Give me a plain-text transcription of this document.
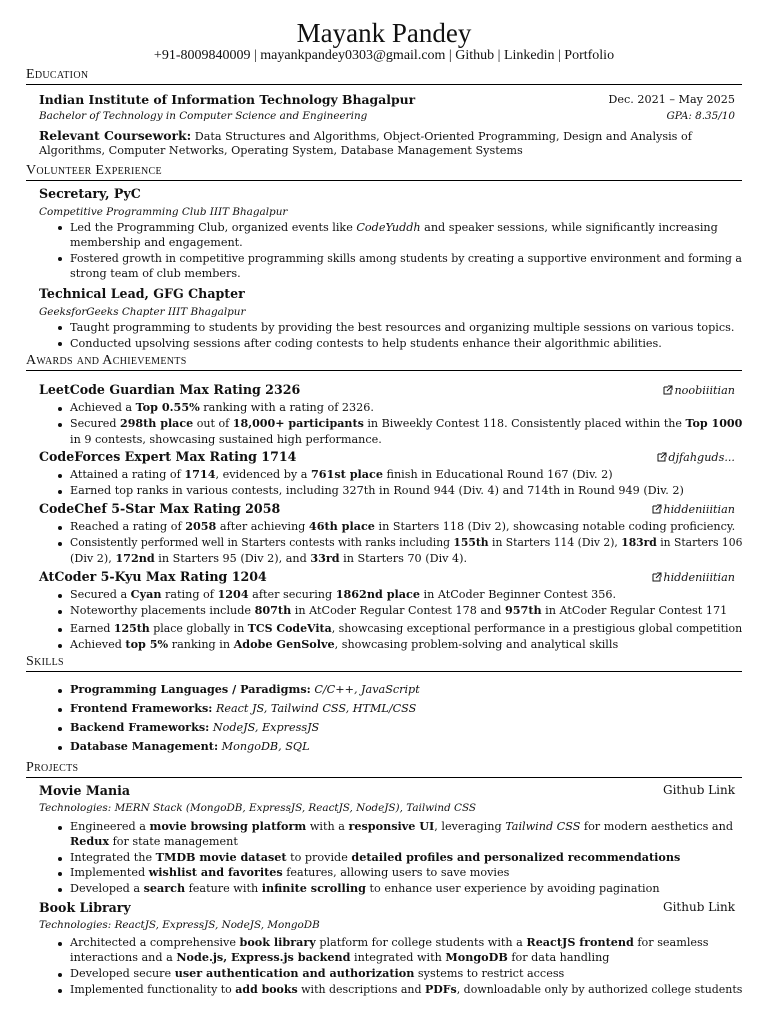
Mayank Pandey
+91-8009840009 | mayankpandey0303@gmail.com | Github | Linkedin | Portfolio
Education
Indian Institute of Information Technology Bhagalpur	Dec. 2021 – May 2025
Bachelor of Technology in Computer Science and Engineering	GPA: 8.35/10
Relevant Coursework: Data Structures and Algorithms, Object-Oriented Programming, Design and Analysis of
Algorithms, Computer Networks, Operating System, Database Management Systems
Volunteer Experience
Secretary, PyC
Competitive Programming Club IIIT Bhagalpur
Led the Programming Club, organized events like CodeYuddh and speaker sessions, while significantly increasing
membership and engagement.
Fostered growth in competitive programming skills among students by creating a supportive environment and forming a
strong team of club members.
Technical Lead, GFG Chapter
GeeksforGeeks Chapter IIIT Bhagalpur
Taught programming to students by providing the best resources and organizing multiple sessions on various topics.
Conducted upsolving sessions after coding contests to help students enhance their algorithmic abilities.
Awards and Achievements
LeetCode Guardian Max Rating 2326	noobiiitian
Achieved a Top 0.55% ranking with a rating of 2326.
Secured 298th place out of 18,000+ participants in Biweekly Contest 118. Consistently placed within the Top 1000
in 9 contests, showcasing sustained high performance.
CodeForces Expert Max Rating 1714	djfahguds...
Attained a rating of 1714, evidenced by a 761st place finish in Educational Round 167 (Div. 2)
Earned top ranks in various contests, including 327th in Round 944 (Div. 4) and 714th in Round 949 (Div. 2)
CodeChef 5-Star Max Rating 2058	hiddeniiitian
Reached a rating of 2058 after achieving 46th place in Starters 118 (Div 2), showcasing notable coding proficiency.
Consistently performed well in Starters contests with ranks including 155th in Starters 114 (Div 2), 183rd in Starters 106
(Div 2), 172nd in Starters 95 (Div 2), and 33rd in Starters 70 (Div 4).
AtCoder 5-Kyu Max Rating 1204	hiddeniiitian
Secured a Cyan rating of 1204 after securing 1862nd place in AtCoder Beginner Contest 356.
Noteworthy placements include 807th in AtCoder Regular Contest 178 and 957th in AtCoder Regular Contest 171
Earned 125th place globally in TCS CodeVita, showcasing exceptional performance in a prestigious global competition
Achieved top 5% ranking in Adobe GenSolve, showcasing problem-solving and analytical skills
Skills
Programming Languages / Paradigms: C/C++, JavaScript
Frontend Frameworks: React JS, Tailwind CSS, HTML/CSS
Backend Frameworks: NodeJS, ExpressJS
Database Management: MongoDB, SQL
Projects
Movie Mania	Github Link
Technologies: MERN Stack (MongoDB, ExpressJS, ReactJS, NodeJS), Tailwind CSS
Engineered a movie browsing platform with a responsive UI, leveraging Tailwind CSS for modern aesthetics and
Redux for state management
Integrated the TMDB movie dataset to provide detailed profiles and personalized recommendations
Implemented wishlist and favorites features, allowing users to save movies
Developed a search feature with infinite scrolling to enhance user experience by avoiding pagination
Book Library	Github Link
Technologies: ReactJS, ExpressJS, NodeJS, MongoDB
Architected a comprehensive book library platform for college students with a ReactJS frontend for seamless
interactions and a Node.js, Express.js backend integrated with MongoDB for data handling
Developed secure user authentication and authorization systems to restrict access
Implemented functionality to add books with descriptions and PDFs, downloadable only by authorized college students
